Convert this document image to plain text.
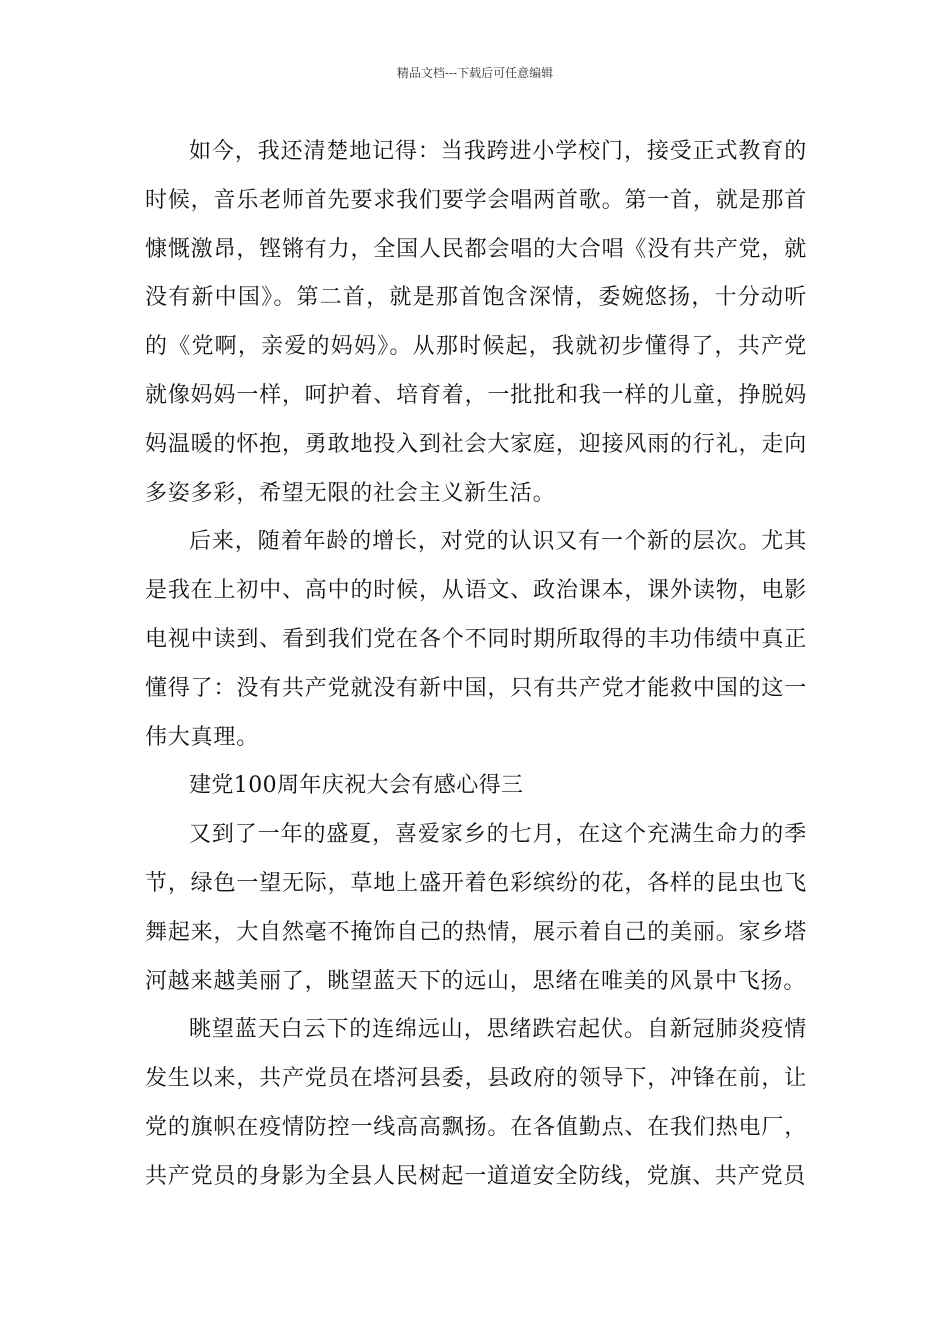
精品文档---下载后可任意编辑

如今，我还清楚地记得：当我跨进小学校门，接受正式教育的时候，音乐老师首先要求我们要学会唱两首歌。第一首，就是那首慷慨激昂，铿锵有力，全国人民都会唱的大合唱《没有共产党，就没有新中国》。第二首，就是那首饱含深情，委婉悠扬，十分动听的《党啊，亲爱的妈妈》。从那时候起，我就初步懂得了，共产党就像妈妈一样，呵护着、培育着，一批批和我一样的儿童，挣脱妈妈温暖的怀抱，勇敢地投入到社会大家庭，迎接风雨的行礼，走向多姿多彩，希望无限的社会主义新生活。

后来，随着年龄的增长，对党的认识又有一个新的层次。尤其是我在上初中、高中的时候，从语文、政治课本，课外读物，电影电视中读到、看到我们党在各个不同时期所取得的丰功伟绩中真正懂得了：没有共产党就没有新中国，只有共产党才能救中国的这一伟大真理。

建党100周年庆祝大会有感心得三

又到了一年的盛夏，喜爱家乡的七月，在这个充满生命力的季节，绿色一望无际，草地上盛开着色彩缤纷的花，各样的昆虫也飞舞起来，大自然毫不掩饰自己的热情，展示着自己的美丽。家乡塔河越来越美丽了，眺望蓝天下的远山，思绪在唯美的风景中飞扬。

眺望蓝天白云下的连绵远山，思绪跌宕起伏。自新冠肺炎疫情发生以来，共产党员在塔河县委，县政府的领导下，冲锋在前，让党的旗帜在疫情防控一线高高飘扬。在各值勤点、在我们热电厂，共产党员的身影为全县人民树起一道道安全防线，党旗、共产党员
